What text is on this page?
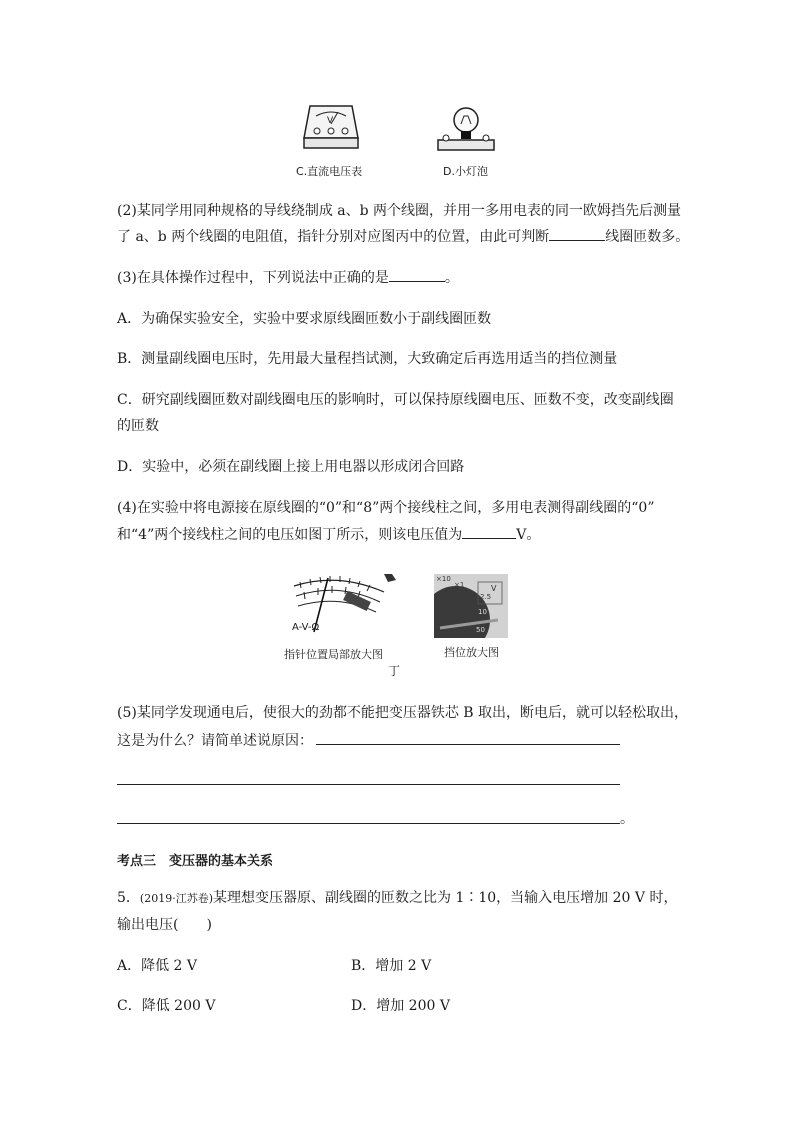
V
C.直流电压表	D.小灯泡
(2)某同学用同种规格的导线绕制成 a、b 两个线圈，并用一多用电表的同一欧姆挡先后测量
了 a、b 两个线圈的电阻值，指针分别对应图丙中的位置，由此可判断	线圈匝数多。
(3)在具体操作过程中，下列说法中正确的是	。
A．为确保实验安全，实验中要求原线圈匝数小于副线圈匝数
B．测量副线圈电压时，先用最大量程挡试测，大致确定后再选用适当的挡位测量
C．研究副线圈匝数对副线圈电压的影响时，可以保持原线圈电压、匝数不变，改变副线圈
的匝数
D．实验中，必须在副线圈上接上用电器以形成闭合回路
(4)在实验中将电源接在原线圈的“0”和“8”两个接线柱之间，多用电表测得副线圈的“0”
和“4”两个接线柱之间的电压如图丁所示，则该电压值为	V。
A-V-Ω
指针位置局部放大图
×10
×1	V
2.5
10
50
挡位放大图
丁
(5)某同学发现通电后，使很大的劲都不能把变压器铁芯 B 取出，断电后，就可以轻松取出，
这是为什么？请简单述说原因：
。
考点三　变压器的基本关系
5．(2019·江苏卷)某理想变压器原、副线圈的匝数之比为 1∶10，当输入电压增加 20 V 时，
输出电压(　　)
A．降低 2 V	B．增加 2 V
C．降低 200 V	D．增加 200 V
